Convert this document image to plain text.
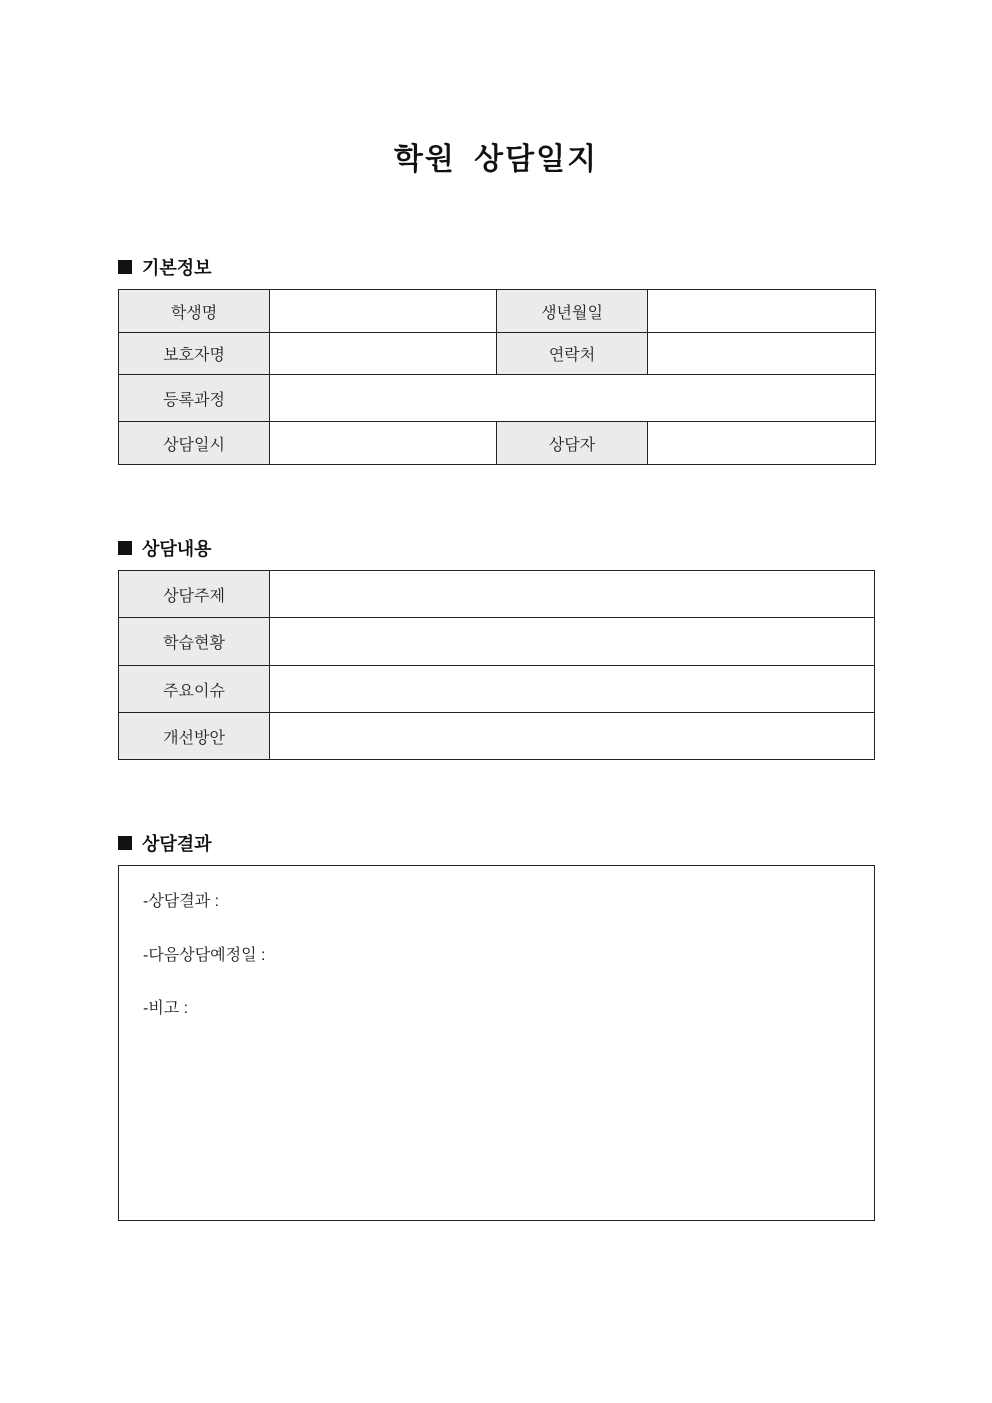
학원 상담일지
기본정보
학생명		생년월일	
보호자명		연락처	
등록과정			
상담일시		상담자	
상담내용
상담주제	
학습현황	
주요이슈	
개선방안	
상담결과
-상담결과 :
-다음상담예정일 :
-비고 :
